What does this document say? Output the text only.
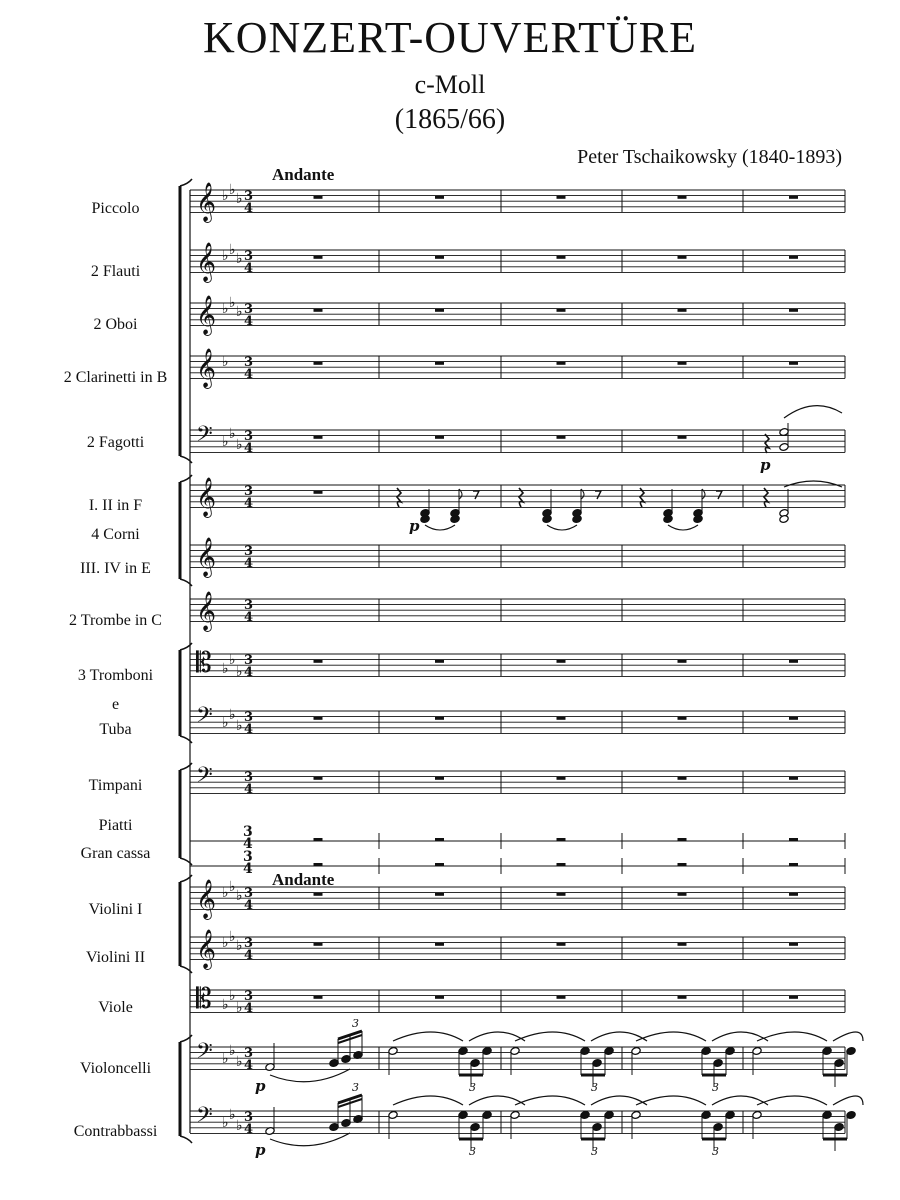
KONZERT-OUVERTÜRE
c-Moll
(1865/66)
Peter Tschaikowsky (1840-1893)
Andante
Andante
Piccolo
2 Flauti
2 Oboi
2 Clarinetti in B
2 Fagotti
I. II in F
4 Corni
III. IV in E
2 Trombe in C
3 Tromboni
e
Tuba
Timpani
Piatti
Gran cassa
Violini I
Violini II
Viole
Violoncelli
Contrabbassi
𝄞 ♭ ♭
♭ 3
4
𝄞 ♭ ♭
♭ 3
4
𝄞 ♭ ♭
♭ 3
4
𝄞 ♭ 3
4
𝄢 ♭ ♭
♭
3
4
𝄞 3
4
𝄞 3
4
𝄞 3
4
𝄡 ♭
♭
♭
3
4
𝄢 ♭ ♭
♭
3
4
𝄢 3
4
3
4
3
4
𝄞 ♭ ♭
♭ 3
4
𝄞 ♭ ♭
♭ 3
4
𝄡 ♭
♭
♭
3
4
𝄢 ♭ ♭
♭
3
4
𝄢 ♭ ♭
♭
3
4
p
p
3
p	3	3	3
3
p	3	3	3
